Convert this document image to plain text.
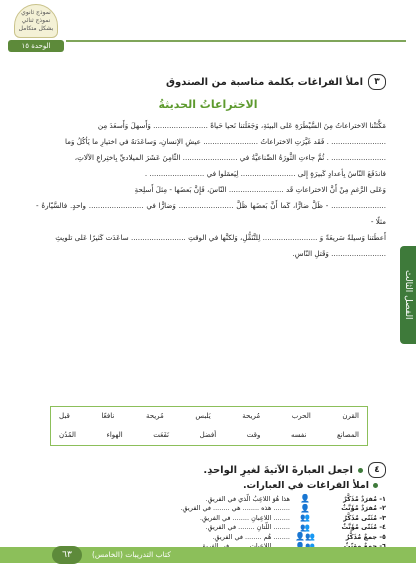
نموذج ثانوي
نموذج ثنائي
بشكل متكامل
الوحدة ١٥
الفصل الثالث
٣
املأ الفراغات بكلمة مناسبة من الصندوق
الاختراعاتُ الحديثةُ
مَكَّنَتْنا الاختراعاتُ مِنَ السَّيْطَرَةِ عَلى البيئةِ، وَجَعَلَتنا نَحيا حَياةً ........................ وَأَسهلَ وَأَسعَدَ مِن
........................ . فَقَد غَيَّرَتِ الاختراعاتُ ........................ عيشِ الإنسانِ، وَساعَدَتهُ في اختيارِ ما يَأكُلُ وَما
........................ . ثُمَّ جاءتِ الثَّورَةُ الصِّناعيَّةُ في ........................ الثّامِنَ عَشَرَ الميلاديِّ بِاختِراعِ الآلاتِ،
فاندَفَعَ النّاسُ بِأعدادٍ كَبيرَةٍ إِلى ........................ لِيَعمَلوا في ........................ .
وَعَلى الرَّغمِ مِنْ أَنَّ الاختراعاتِ قَد ........................ النّاسَ، فَإِنَّ بَعضَها - مِثلَ أَسلِحةِ
........................ - ظَلَّ ضارًّا، كَما أَنَّ بَعضَها ظَلَّ ........................ وَضارًّا في ........................ واحدٍ. فالسَّيّارةُ - مثلًا -
أَعطَتنا وَسيلةً سَريعَةً وَ ........................ لِلتَّنَقُّلِ، وَلكنَّها في الوقتِ ........................ ساعَدَت كَثيرًا عَلى تلويثِ
........................ وَقَتلِ النّاسِ.
القرن
الحرب
مُريحة
يَلبس
مُريحة
نافعًا
قبل
المصانع
نفسه
وقت
أفضل
نَفَعَت
الهواء
المُدُن
٤
اجعل العبارةَ الآتيةَ لغيرِ الواحدِ.
املأ الفراغات في العبارات.
١- مُفرَدٌ مُذَكَّرٌ
👤
هذا هُوَ اللاعِبُ الّذي في الفريقِ.
٢- مُفرَدٌ مُؤَنَّثٌ
👤
........ هذه ........ هي ........ في الفريقِ.
٣- مُثَنّى مُذَكَّرٌ
👥
........ اللاعِبانِ ........ في الفريقِ.
٤- مُثَنّى مُؤَنَّثٌ
👥
........ اللّتانِ ........ في الفريقِ.
٥- جمعٌ مُذَكَّرٌ
👥👤
........ هُم ........ في الفريقِ.
٦٣	كتاب التدريبات (الخامس)
